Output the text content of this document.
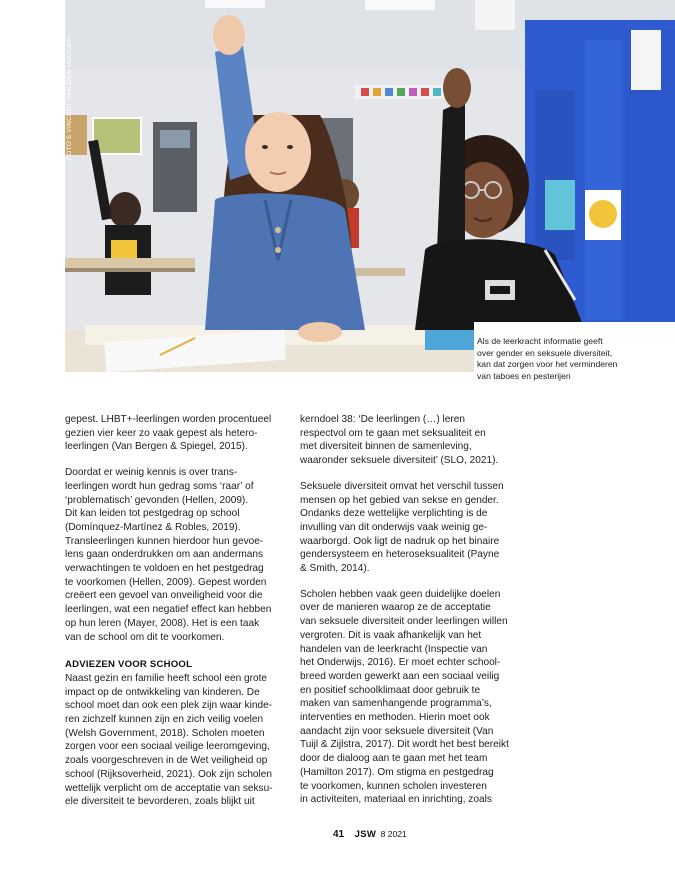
FOTO'S VINCENT VAN DEN HOOGEN

Als de leerkracht informatie geeft
over gender en seksuele diversiteit,
kan dat zorgen voor het verminderen
van taboes en pesterijen

gepest. LHBT+-leerlingen worden procentueel
gezien vier keer zo vaak gepest als hetero-
leerlingen (Van Bergen & Spiegel, 2015).

Doordat er weinig kennis is over trans-
leerlingen wordt hun gedrag soms ‘raar’ of
‘problematisch’ gevonden (Hellen, 2009).
Dit kan leiden tot pestgedrag op school
(Domínquez-Martínez & Robles, 2019).
Transleerlingen kunnen hierdoor hun gevoe-
lens gaan onderdrukken om aan andermans
verwachtingen te voldoen en het pestgedrag
te voorkomen (Hellen, 2009). Gepest worden
creëert een gevoel van onveiligheid voor die
leerlingen, wat een negatief effect kan hebben
op hun leren (Mayer, 2008). Het is een taak
van de school om dit te voorkomen.

ADVIEZEN VOOR SCHOOL

Naast gezin en familie heeft school een grote
impact op de ontwikkeling van kinderen. De
school moet dan ook een plek zijn waar kinde-
ren zichzelf kunnen zijn en zich veilig voelen
(Welsh Government, 2018). Scholen moeten
zorgen voor een sociaal veilige leeromgeving,
zoals voorgeschreven in de Wet veiligheid op
school (Rijksoverheid, 2021). Ook zijn scholen
wettelijk verplicht om de acceptatie van seksu-
ele diversiteit te bevorderen, zoals blijkt uit

kerndoel 38: ‘De leerlingen (…) leren
respectvol om te gaan met seksualiteit en
met diversiteit binnen de samenleving,
waaronder seksuele diversiteit’ (SLO, 2021).

Seksuele diversiteit omvat het verschil tussen
mensen op het gebied van sekse en gender.
Ondanks deze wettelijke verplichting is de
invulling van dit onderwijs vaak weinig ge-
waarborgd. Ook ligt de nadruk op het binaire
gendersysteem en heteroseksualiteit (Payne
& Smith, 2014).

Scholen hebben vaak geen duidelijke doelen
over de manieren waarop ze de acceptatie
van seksuele diversiteit onder leerlingen willen
vergroten. Dit is vaak afhankelijk van het
handelen van de leerkracht (Inspectie van
het Onderwijs, 2016). Er moet echter school-
breed worden gewerkt aan een sociaal veilig
en positief schoolklimaat door gebruik te
maken van samenhangende programma’s,
interventies en methoden. Hierin moet ook
aandacht zijn voor seksuele diversiteit (Van
Tuijl & Zijlstra, 2017). Dit wordt het best bereikt
door de dialoog aan te gaan met het team
(Hamilton 2017). Om stigma en pestgedrag
te voorkomen, kunnen scholen investeren
in activiteiten, materiaal en inrichting, zoals

41 JSW 8 2021
